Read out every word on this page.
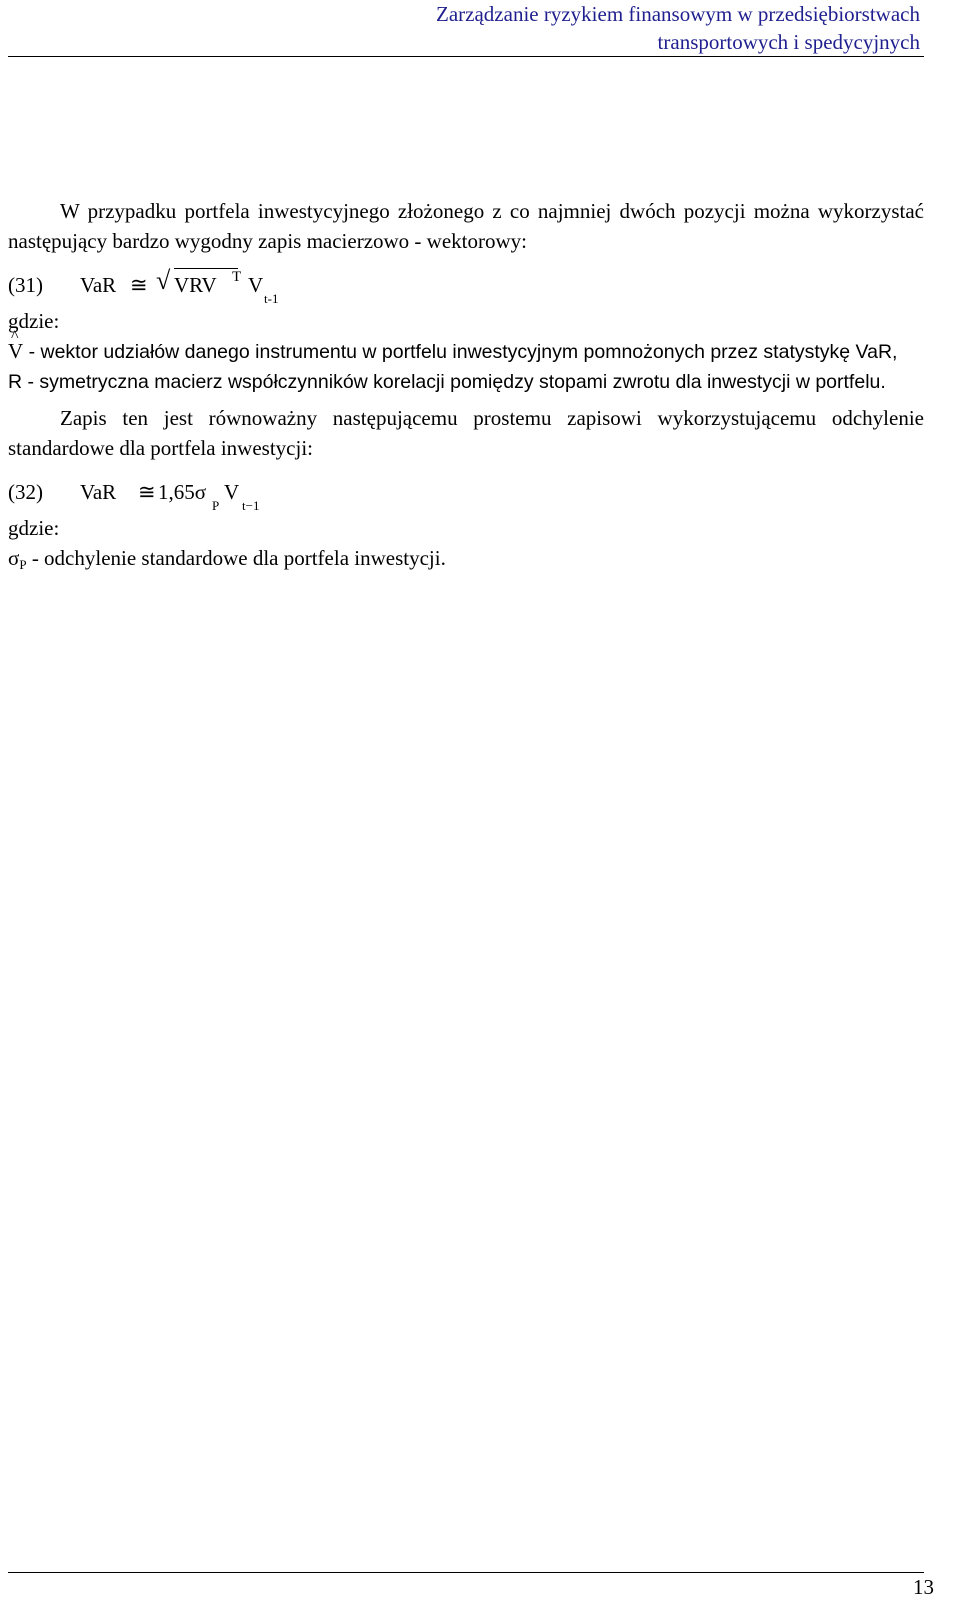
Zarządzanie ryzykiem finansowym w przedsiębiorstwach
transportowych i spedycyjnych

W przypadku portfela inwestycyjnego złożonego z co najmniej dwóch pozycji można wykorzystać następujący bardzo wygodny zapis macierzowo - wektorowy:

(31) VaR ≅ √ VRV T V
t-1
gdzie:

^ V - wektor udziałów danego instrumentu w portfelu inwestycyjnym pomnożonych przez statystykę VaR,

R - symetryczna macierz współczynników korelacji pomiędzy stopami zwrotu dla inwestycji w portfelu.

Zapis ten jest równoważny następującemu prostemu zapisowi wykorzystującemu odchylenie standardowe dla portfela inwestycji:

(32) VaR ≅ 1,65σ
P
V
t−1
gdzie:
σP - odchylenie standardowe dla portfela inwestycji.
13
